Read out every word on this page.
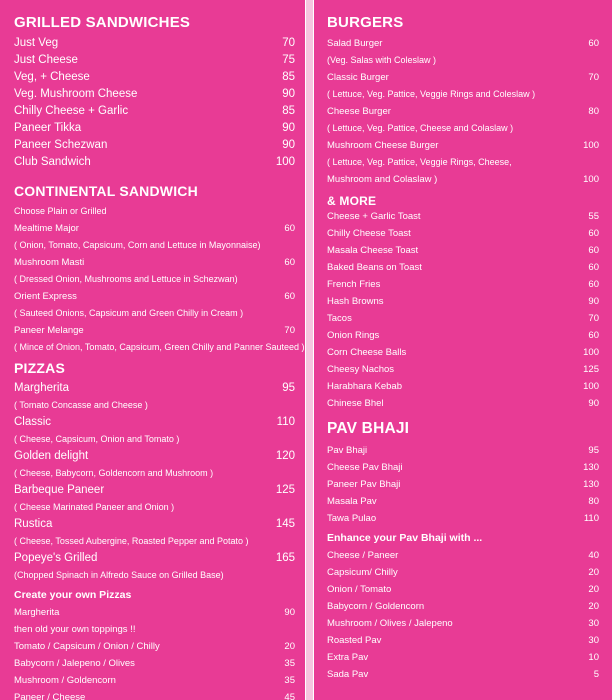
GRILLED SANDWICHES
Just Veg	70
Just Cheese	75
Veg, + Cheese	85
Veg. Mushroom Cheese	90
Chilly Cheese + Garlic	85
Paneer Tikka	90
Paneer Schezwan	90
Club Sandwich	100
CONTINENTAL SANDWICH
Choose Plain or Grilled
Mealtime Major	60
( Onion, Tomato, Capsicum, Corn and Lettuce in Mayonnaise)
Mushroom Masti	60
( Dressed Onion, Mushrooms and Lettuce in Schezwan)
Orient Express	60
( Sauteed Onions, Capsicum and Green Chilly in Cream )
Paneer Melange	70
( Mince of Onion, Tomato, Capsicum, Green Chilly and Panner Sauteed )
PIZZAS
Margherita	95
( Tomato Concasse and Cheese )
Classic	110
( Cheese, Capsicum, Onion and Tomato )
Golden delight	120
( Cheese, Babycorn, Goldencorn and Mushroom )
Barbeque Paneer	125
( Cheese Marinated Paneer and Onion )
Rustica	145
( Cheese, Tossed Aubergine, Roasted Pepper and Potato )
Popeye's Grilled	165
(Chopped Spinach in Alfredo Sauce on Grilled Base)
Create your own Pizzas
Margherita	90
then old your own toppings !!
Tomato / Capsicum / Onion / Chilly	20
Babycorn / Jalepeno / Olives	35
Mushroom / Goldencorn	35
Paneer / Cheese	45
BURGERS
Salad Burger	60
(Veg. Salas with Coleslaw )
Classic Burger	70
( Lettuce, Veg. Pattice, Veggie Rings and Coleslaw )
Cheese Burger	80
( Lettuce, Veg. Pattice, Cheese and Colaslaw )
Mushroom Cheese Burger	100
( Lettuce, Veg. Pattice, Veggie Rings, Cheese,
Mushroom and Colaslaw )	100
& MORE
Cheese + Garlic Toast	55
Chilly Cheese Toast	60
Masala Cheese Toast	60
Baked Beans on Toast	60
French Fries	60
Hash Browns	90
Tacos	70
Onion Rings	60
Corn Cheese Balls	100
Cheesy Nachos	125
Harabhara Kebab	100
Chinese Bhel	90
PAV BHAJI
Pav Bhaji	95
Cheese Pav Bhaji	130
Paneer Pav Bhaji	130
Masala Pav	80
Tawa Pulao	110
Enhance your Pav Bhaji with ...
Cheese / Paneer	40
Capsicum/ Chilly	20
Onion / Tomato	20
Babycorn / Goldencorn	20
Mushroom / Olives / Jalepeno	30
Roasted Pav	30
Extra Pav	10
Sada Pav	5
